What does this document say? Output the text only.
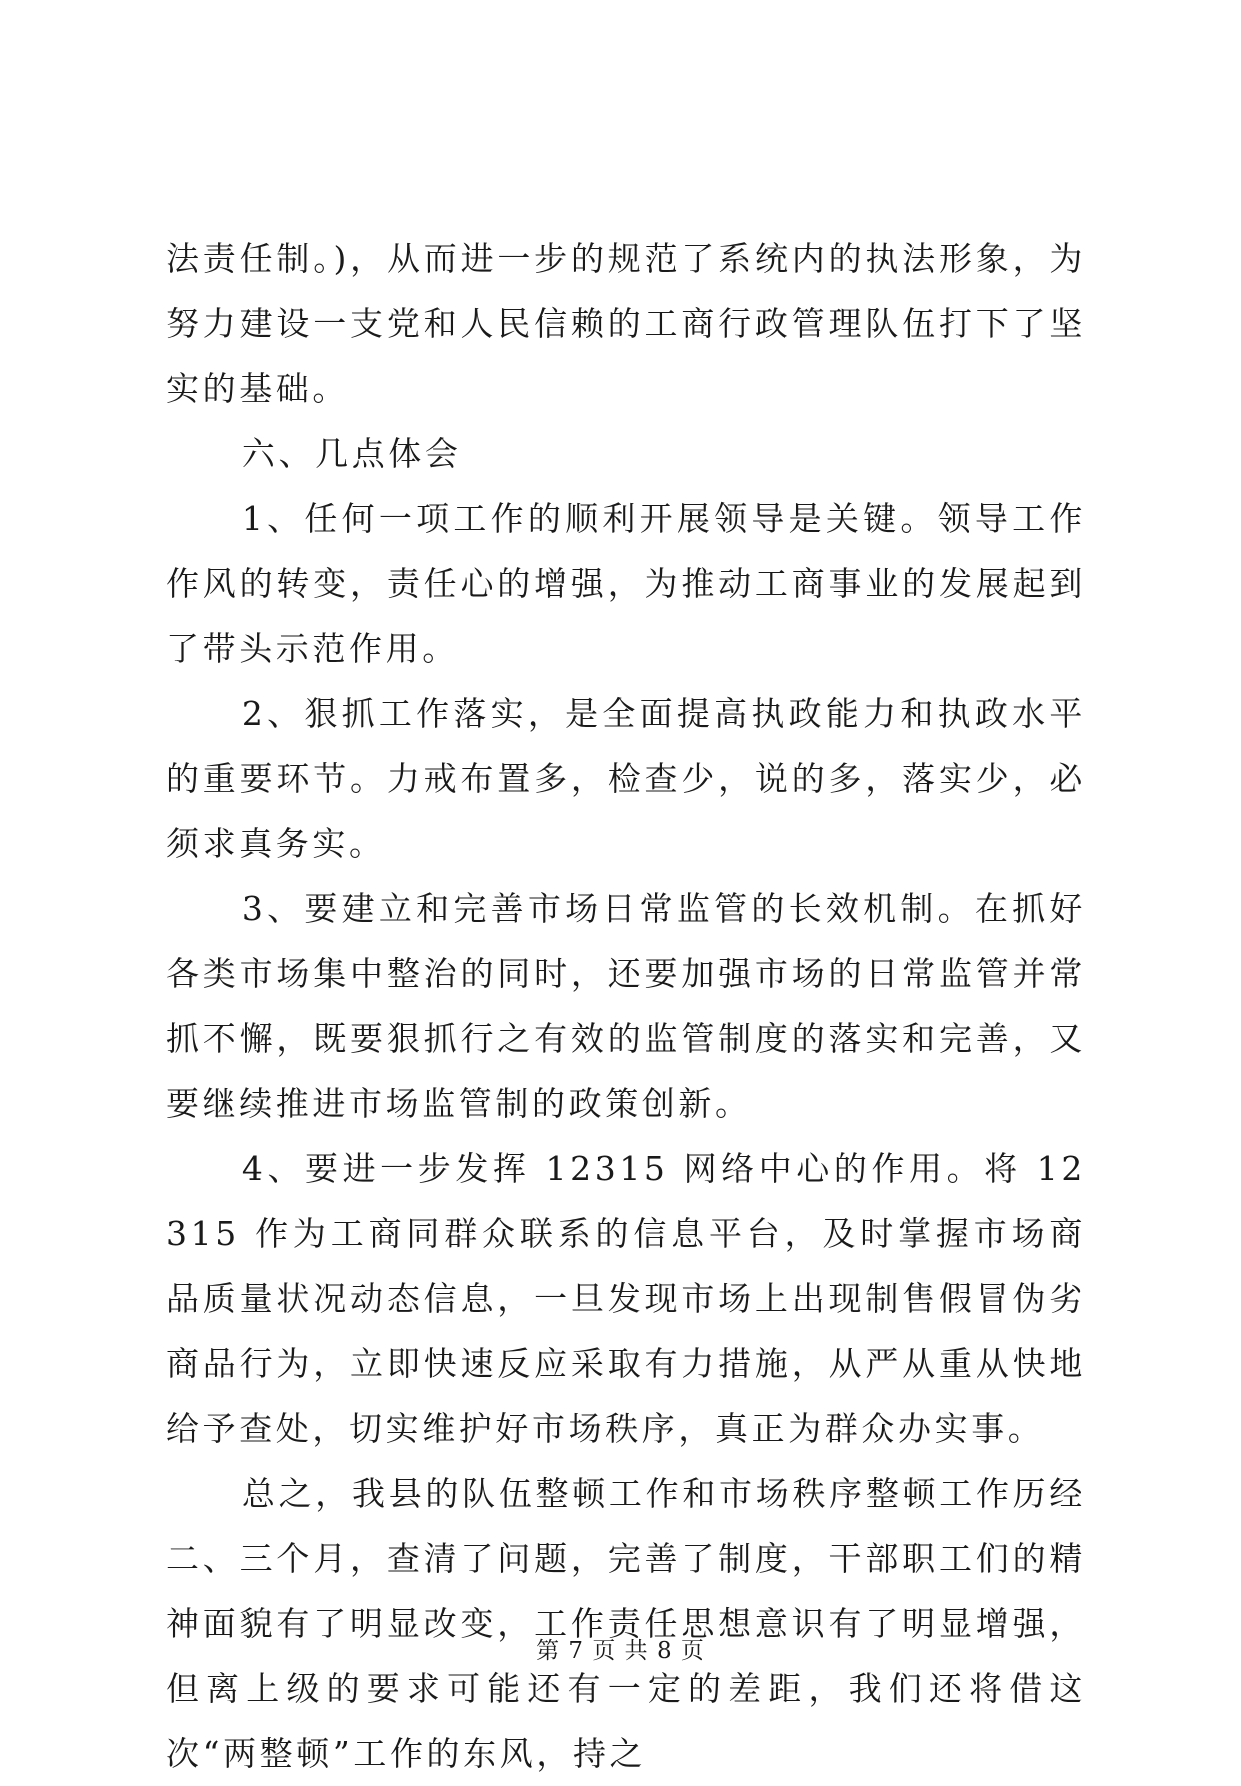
法责任制。)，从而进一步的规范了系统内的执法形象，为努力建设一支党和人民信赖的工商行政管理队伍打下了坚实的基础。

六、几点体会

1、任何一项工作的顺利开展领导是关键。领导工作作风的转变，责任心的增强，为推动工商事业的发展起到了带头示范作用。

2、狠抓工作落实，是全面提高执政能力和执政水平的重要环节。力戒布置多，检查少，说的多，落实少，必须求真务实。

3、要建立和完善市场日常监管的长效机制。在抓好各类市场集中整治的同时，还要加强市场的日常监管并常抓不懈，既要狠抓行之有效的监管制度的落实和完善，又要继续推进市场监管制的政策创新。

4、要进一步发挥 12315 网络中心的作用。将 12315 作为工商同群众联系的信息平台，及时掌握市场商品质量状况动态信息，一旦发现市场上出现制售假冒伪劣商品行为，立即快速反应采取有力措施，从严从重从快地给予查处，切实维护好市场秩序，真正为群众办实事。

总之，我县的队伍整顿工作和市场秩序整顿工作历经二、三个月，查清了问题，完善了制度，干部职工们的精神面貌有了明显改变，工作责任思想意识有了明显增强，但离上级的要求可能还有一定的差距，我们还将借这次“两整顿”工作的东风，持之

第 7 页 共 8 页
